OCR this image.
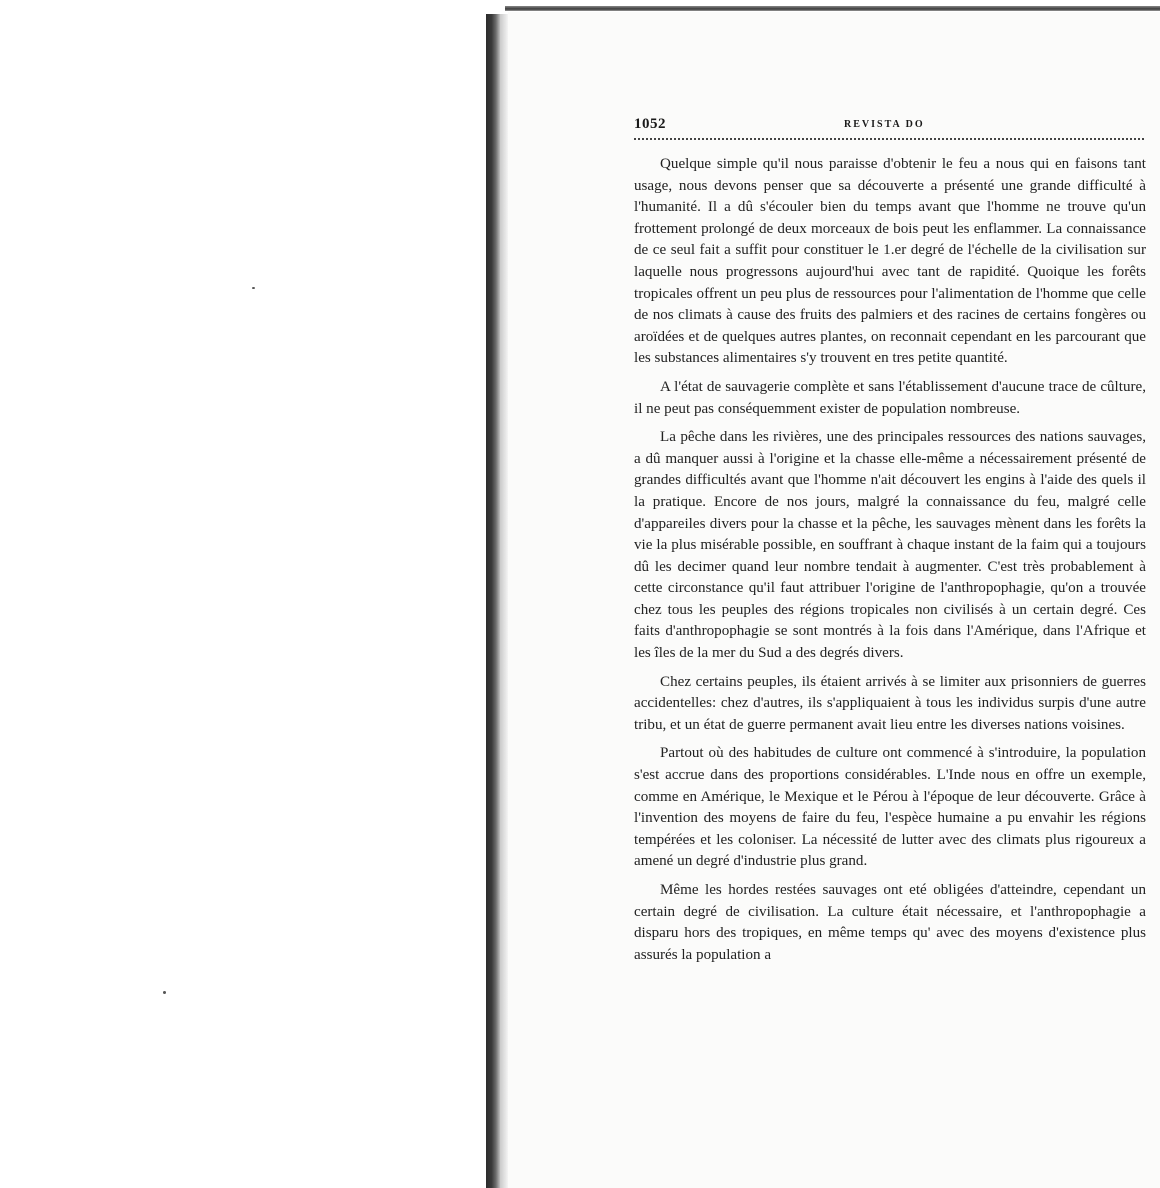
1052	REVISTA DO

Quelque simple qu'il nous paraisse d'obtenir le feu a nous qui en faisons tant usage, nous devons penser que sa découverte a présenté une grande difficulté à l'humanité. Il a dû s'écouler bien du temps avant que l'homme ne trouve qu'un frottement prolongé de deux morceaux de bois peut les enflammer. La connaissance de ce seul fait a suffit pour constituer le 1.er degré de l'échelle de la civilisation sur laquelle nous progressons aujourd'hui avec tant de rapidité. Quoique les forêts tropicales offrent un peu plus de ressources pour l'alimentation de l'homme que celle de nos climats à cause des fruits des palmiers et des racines de certains fongères ou aroïdées et de quelques autres plantes, on reconnait cependant en les parcourant que les substances alimentaires s'y trouvent en tres petite quantité.

A l'état de sauvagerie complète et sans l'établissement d'aucune trace de cûlture, il ne peut pas conséquemment exister de population nombreuse.

La pêche dans les rivières, une des principales ressources des nations sauvages, a dû manquer aussi à l'origine et la chasse elle-même a nécessairement présenté de grandes difficultés avant que l'homme n'ait découvert les engins à l'aide des quels il la pratique. Encore de nos jours, malgré la connaissance du feu, malgré celle d'appareiles divers pour la chasse et la pêche, les sauvages mènent dans les forêts la vie la plus misérable possible, en souffrant à chaque instant de la faim qui a toujours dû les decimer quand leur nombre tendait à augmenter. C'est très probablement à cette circonstance qu'il faut attribuer l'origine de l'anthropophagie, qu'on a trouvée chez tous les peuples des régions tropicales non civilisés à un certain degré. Ces faits d'anthropophagie se sont montrés à la fois dans l'Amérique, dans l'Afrique et les îles de la mer du Sud a des degrés divers.

Chez certains peuples, ils étaient arrivés à se limiter aux prisonniers de guerres accidentelles: chez d'autres, ils s'appliquaient à tous les individus surpis d'une autre tribu, et un état de guerre permanent avait lieu entre les diverses nations voisines.

Partout où des habitudes de culture ont commencé à s'introduire, la population s'est accrue dans des proportions considérables. L'Inde nous en offre un exemple, comme en Amérique, le Mexique et le Pérou à l'époque de leur découverte. Grâce à l'invention des moyens de faire du feu, l'espèce humaine a pu envahir les régions tempérées et les coloniser. La nécessité de lutter avec des climats plus rigoureux a amené un degré d'industrie plus grand.

Même les hordes restées sauvages ont eté obligées d'atteindre, cependant un certain degré de civilisation. La culture était nécessaire, et l'anthropophagie a disparu hors des tropiques, en même temps qu' avec des moyens d'existence plus assurés la population a
